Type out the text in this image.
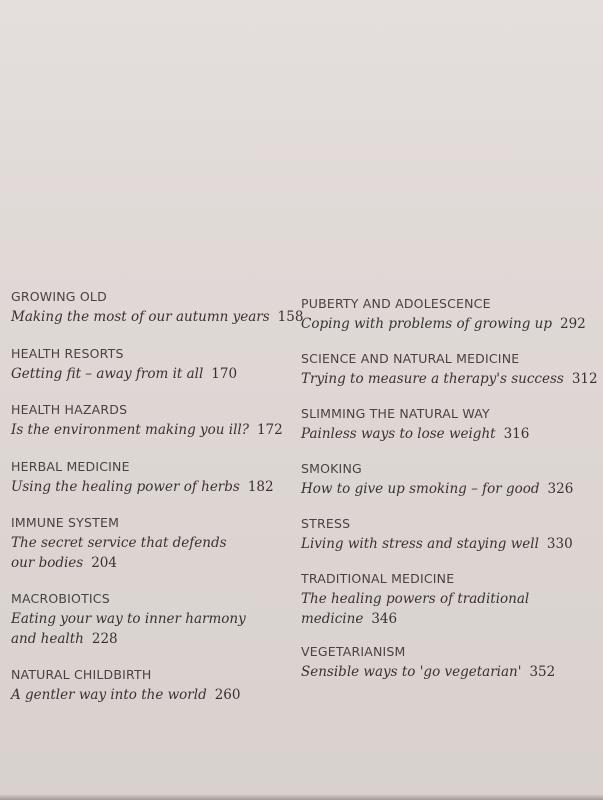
GROWING OLD
Making the most of our autumn years 158
HEALTH RESORTS
Getting fit – away from it all 170
HEALTH HAZARDS
Is the environment making you ill? 172
HERBAL MEDICINE
Using the healing power of herbs 182
IMMUNE SYSTEM
The secret service that defends
our bodies 204
MACROBIOTICS
Eating your way to inner harmony
and health 228
NATURAL CHILDBIRTH
A gentler way into the world 260
PUBERTY AND ADOLESCENCE
Coping with problems of growing up 292
SCIENCE AND NATURAL MEDICINE
Trying to measure a therapy's success 312
SLIMMING THE NATURAL WAY
Painless ways to lose weight 316
SMOKING
How to give up smoking – for good 326
STRESS
Living with stress and staying well 330
TRADITIONAL MEDICINE
The healing powers of traditional
medicine 346
VEGETARIANISM
Sensible ways to 'go vegetarian' 352
